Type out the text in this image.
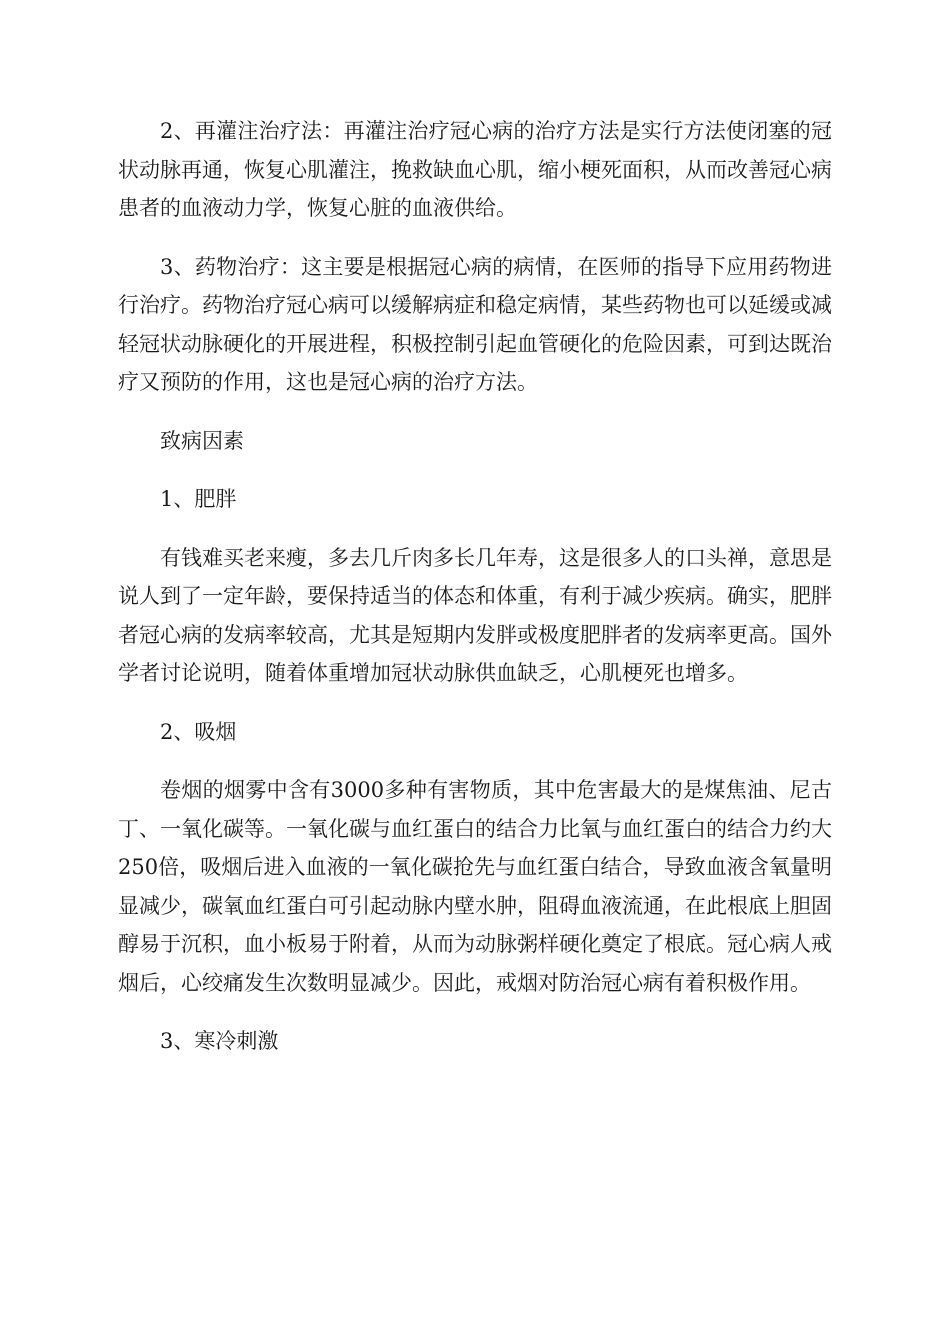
2、再灌注治疗法：再灌注治疗冠心病的治疗方法是实行方法使闭塞的冠状动脉再通，恢复心肌灌注，挽救缺血心肌，缩小梗死面积，从而改善冠心病患者的血液动力学，恢复心脏的血液供给。

3、药物治疗：这主要是根据冠心病的病情，在医师的指导下应用药物进行治疗。药物治疗冠心病可以缓解病症和稳定病情，某些药物也可以延缓或减轻冠状动脉硬化的开展进程，积极控制引起血管硬化的危险因素，可到达既治疗又预防的作用，这也是冠心病的治疗方法。

致病因素

1、肥胖

有钱难买老来瘦，多去几斤肉多长几年寿，这是很多人的口头禅，意思是说人到了一定年龄，要保持适当的体态和体重，有利于减少疾病。确实，肥胖者冠心病的发病率较高，尤其是短期内发胖或极度肥胖者的发病率更高。国外学者讨论说明，随着体重增加冠状动脉供血缺乏，心肌梗死也增多。

2、吸烟

卷烟的烟雾中含有3000多种有害物质，其中危害最大的是煤焦油、尼古丁、一氧化碳等。一氧化碳与血红蛋白的结合力比氧与血红蛋白的结合力约大250倍，吸烟后进入血液的一氧化碳抢先与血红蛋白结合，导致血液含氧量明显减少，碳氧血红蛋白可引起动脉内壁水肿，阻碍血液流通，在此根底上胆固醇易于沉积，血小板易于附着，从而为动脉粥样硬化奠定了根底。冠心病人戒烟后，心绞痛发生次数明显减少。因此，戒烟对防治冠心病有着积极作用。

3、寒冷刺激
